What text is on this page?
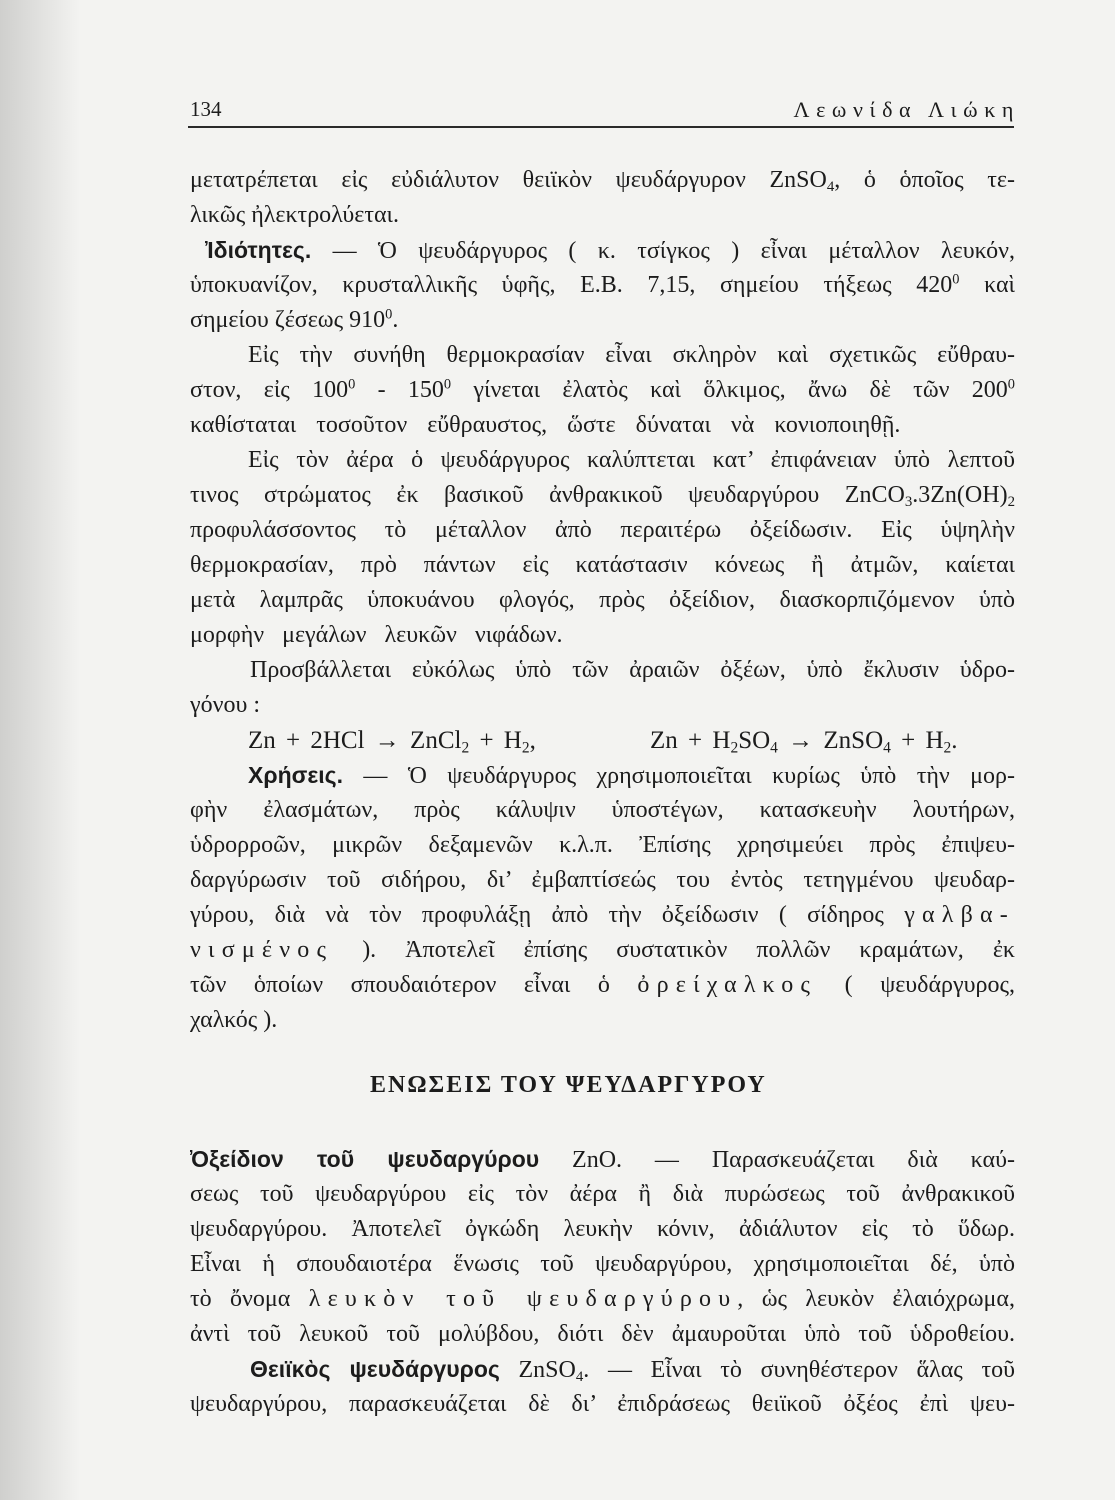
134	Λεωνίδα Λιώκη
μετατρέπεται εἰς εὐδιάλυτον θειϊκὸν ψευδάργυρον ZnSO$_4$, ὁ ὁποῖος τε-
λικῶς ἠλεκτρολύεται.
Ἰδιότητες. — Ὁ ψευδάργυρος ( κ. τσίγκος ) εἶναι μέταλλον λευκόν,
ὑποκυανίζον, κρυσταλλικῆς ὑφῆς, Ε.Β. 7,15, σημείου τήξεως $420^0$ καὶ
σημείου ζέσεως $910^0$.
Εἰς τὴν συνήθη θερμοκρασίαν εἶναι σκληρὸν καὶ σχετικῶς εὔθραυ-
στον, εἰς $100^0 - 150^0$ γίνεται ἐλατὸς καὶ ὅλκιμος, ἄνω δὲ τῶν $200^0$
καθίσταται τοσοῦτον εὔθραυστος, ὥστε δύναται νὰ κονιοποιηθῇ.
Εἰς τὸν ἀέρα ὁ ψευδάργυρος καλύπτεται κατ’ ἐπιφάνειαν ὑπὸ λεπτοῦ
τινος στρώματος ἐκ βασικοῦ ἀνθρακικοῦ ψευδαργύρου $ZnCO_3.3Zn(OH)_2$
προφυλάσσοντος τὸ μέταλλον ἀπὸ περαιτέρω ὀξείδωσιν. Εἰς ὑψηλὴν
θερμοκρασίαν, πρὸ πάντων εἰς κατάστασιν κόνεως ἢ ἀτμῶν, καίεται
μετὰ λαμπρᾶς ὑποκυάνου φλογός, πρὸς ὀξείδιον, διασκορπιζόμενον ὑπὸ
μορφὴν μεγάλων λευκῶν νιφάδων.
Προσβάλλεται εὐκόλως ὑπὸ τῶν ἀραιῶν ὀξέων, ὑπὸ ἔκλυσιν ὑδρο-
γόνου :
Zn + 2HCl → ZnCl$_2$ + $H_2$,	$Zn + H_2SO_4$ → ZnSO$_4$ + $H_2$.
Χρήσεις. — Ὁ ψευδάργυρος χρησιμοποιεῖται κυρίως ὑπὸ τὴν μορ-
φὴν ἐλασμάτων, πρὸς κάλυψιν ὑποστέγων, κατασκευὴν λουτήρων,
ὑδρορροῶν, μικρῶν δεξαμενῶν κ.λ.π. Ἐπίσης χρησιμεύει πρὸς ἐπιψευ-
δαργύρωσιν τοῦ σιδήρου, δι’ ἐμβαπτίσεώς του ἐντὸς τετηγμένου ψευδαρ-
γύρου, διὰ νὰ τὸν προφυλάξῃ ἀπὸ τὴν ὀξείδωσιν ( σίδηρος γαλβα-
νισμένος ). Ἀποτελεῖ ἐπίσης συστατικὸν πολλῶν κραμάτων, ἐκ
τῶν ὁποίων σπουδαιότερον εἶναι ὁ ὀρείχαλκος ( ψευδάργυρος,
χαλκός ).
ΕΝΩΣΕΙΣ ΤΟΥ ΨΕΥΔΑΡΓΥΡΟΥ
Ὀξείδιον τοῦ ψευδαργύρου ZnO. — Παρασκευάζεται διὰ καύ-
σεως τοῦ ψευδαργύρου εἰς τὸν ἀέρα ἢ διὰ πυρώσεως τοῦ ἀνθρακικοῦ
ψευδαργύρου. Ἀποτελεῖ ὀγκώδη λευκὴν κόνιν, ἀδιάλυτον εἰς τὸ ὕδωρ.
Εἶναι ἡ σπουδαιοτέρα ἕνωσις τοῦ ψευδαργύρου, χρησιμοποιεῖται δέ, ὑπὸ
τὸ ὄνομα λευκὸν τοῦ ψευδαργύρου, ὡς λευκὸν ἐλαιόχρωμα,
ἀντὶ τοῦ λευκοῦ τοῦ μολύβδου, διότι δὲν ἀμαυροῦται ὑπὸ τοῦ ὑδροθείου.
Θειϊκὸς ψευδάργυρος ZnSO$_4$. — Εἶναι τὸ συνηθέστερον ἅλας τοῦ
ψευδαργύρου, παρασκευάζεται δὲ δι’ ἐπιδράσεως θειϊκοῦ ὀξέος ἐπὶ ψευ-
